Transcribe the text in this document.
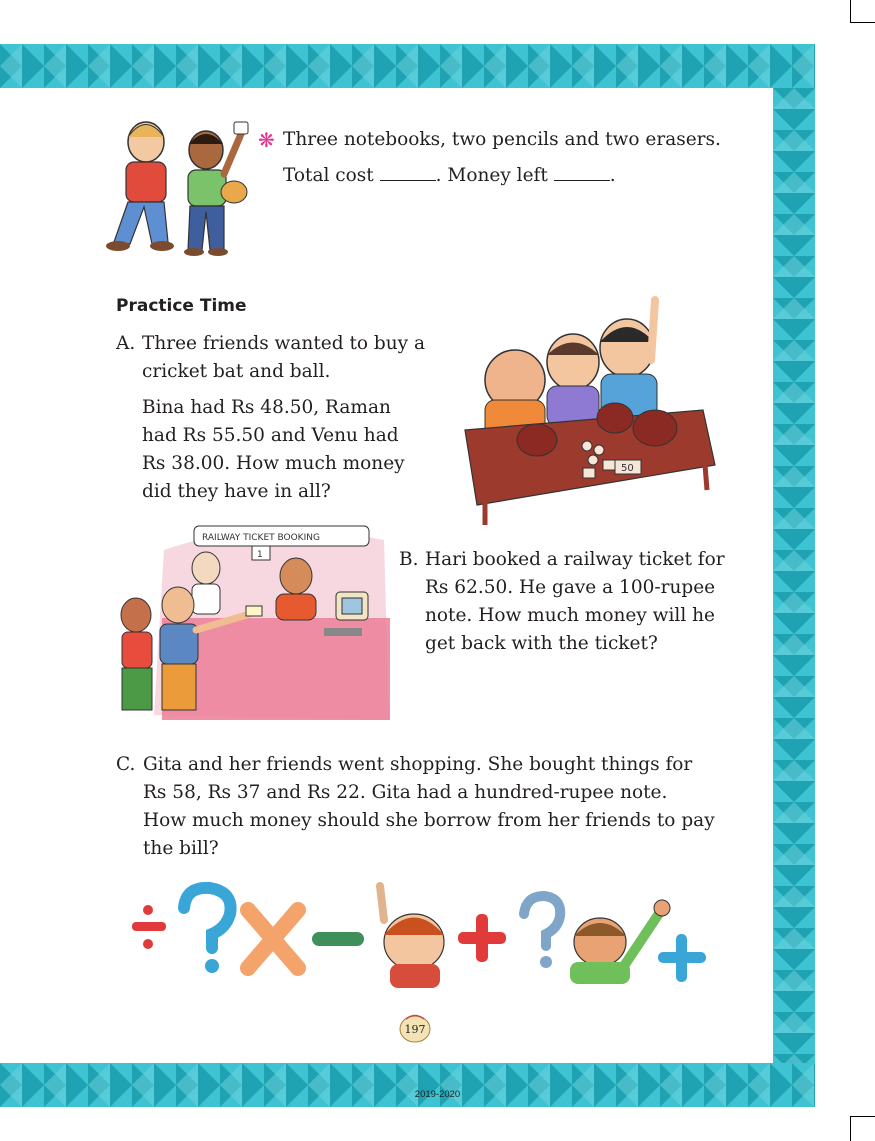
❋ Three notebooks, two pencils and two erasers.
Total cost	. Money left	.
Practice Time
A. Three friends wanted to buy a
cricket bat and ball.
Bina had Rs 48.50, Raman
had Rs 55.50 and Venu had
Rs 38.00. How much money
did they have in all?
50
RAILWAY TICKET BOOKING
1	B. Hari booked a railway ticket for
Rs 62.50. He gave a 100-rupee
note. How much money will he
get back with the ticket?
C. Gita and her friends went shopping. She bought things for
Rs 58, Rs 37 and Rs 22. Gita had a hundred-rupee note.
How much money should she borrow from her friends to pay
the bill?
197
2019-2020
